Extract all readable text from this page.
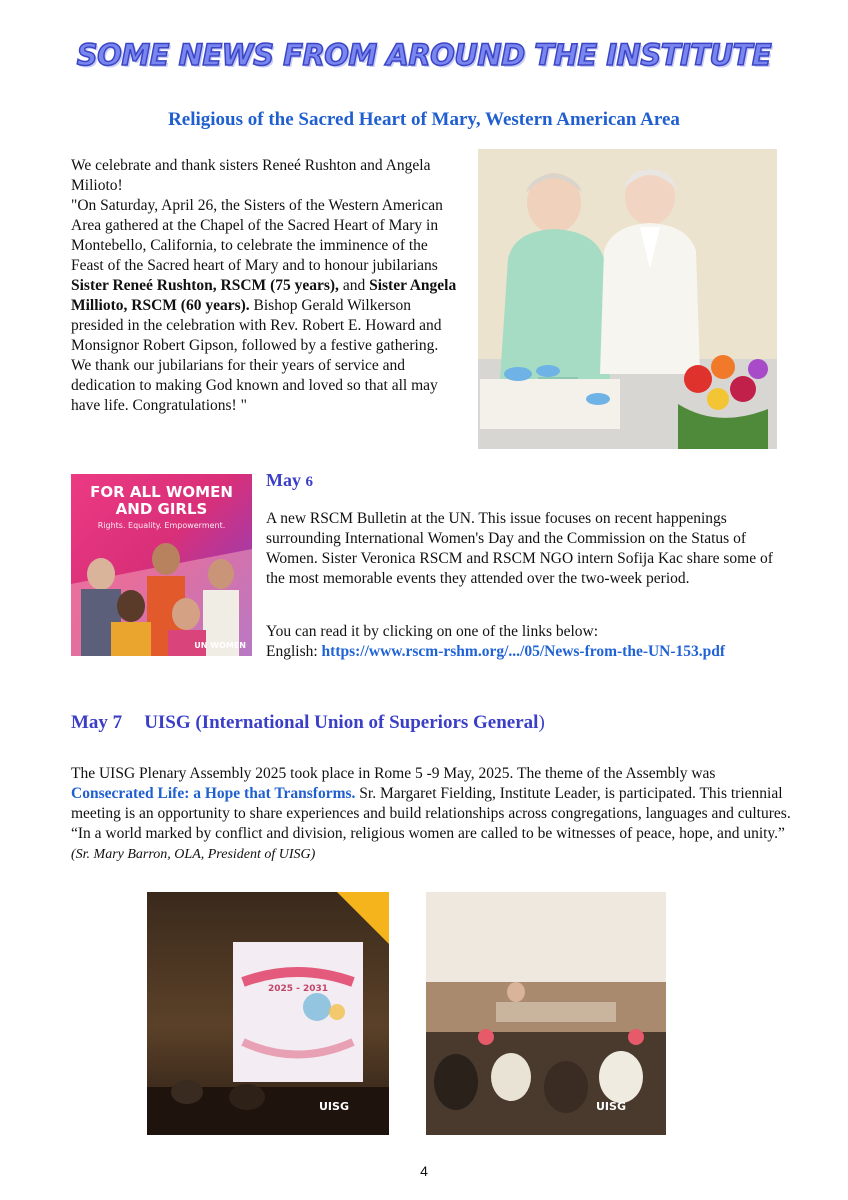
SOME NEWS FROM AROUND THE INSTITUTE
Religious of the Sacred Heart of Mary, Western American Area

We celebrate and thank sisters Reneé Rushton and Angela Milioto!

"On Saturday, April 26, the Sisters of the Western American Area gathered at the Chapel of the Sacred Heart of Mary in Montebello, California, to celebrate the imminence of the Feast of the Sacred heart of Mary and to honour jubilarians Sister Reneé Rushton, RSCM (75 years), and Sister Angela Millioto, RSCM (60 years). Bishop Gerald Wilkerson presided in the celebration with Rev. Robert E. Howard and Monsignor Robert Gipson, followed by a festive gathering.

We thank our jubilarians for their years of service and dedication to making God known and loved so that all may have life. Congratulations! "

FOR ALL WOMEN AND GIRLS
Rights. Equality. Empowerment.
UN WOMEN
May 6
A new RSCM Bulletin at the UN. This issue focuses on recent happenings surrounding International Women's Day and the Commission on the Status of Women. Sister Veronica RSCM and RSCM NGO intern Sofija Kac share some of the most memorable events they attended over the two-week period.

You can read it by clicking on one of the links below:

English: https://www.rscm-rshm.org/.../05/News-from-the-UN-153.pdf

May 7 UISG (International Union of Superiors General)
The UISG Plenary Assembly 2025 took place in Rome 5 -9 May, 2025. The theme of the Assembly was Consecrated Life: a Hope that Transforms. Sr. Margaret Fielding, Institute Leader, is participated. This triennial meeting is an opportunity to share experiences and build relationships across congregations, languages and cultures. “In a world marked by conflict and division, religious women are called to be witnesses of peace, hope, and unity.” (Sr. Mary Barron, OLA, President of UISG)
2025 - 2031
UISG	UISG
4
